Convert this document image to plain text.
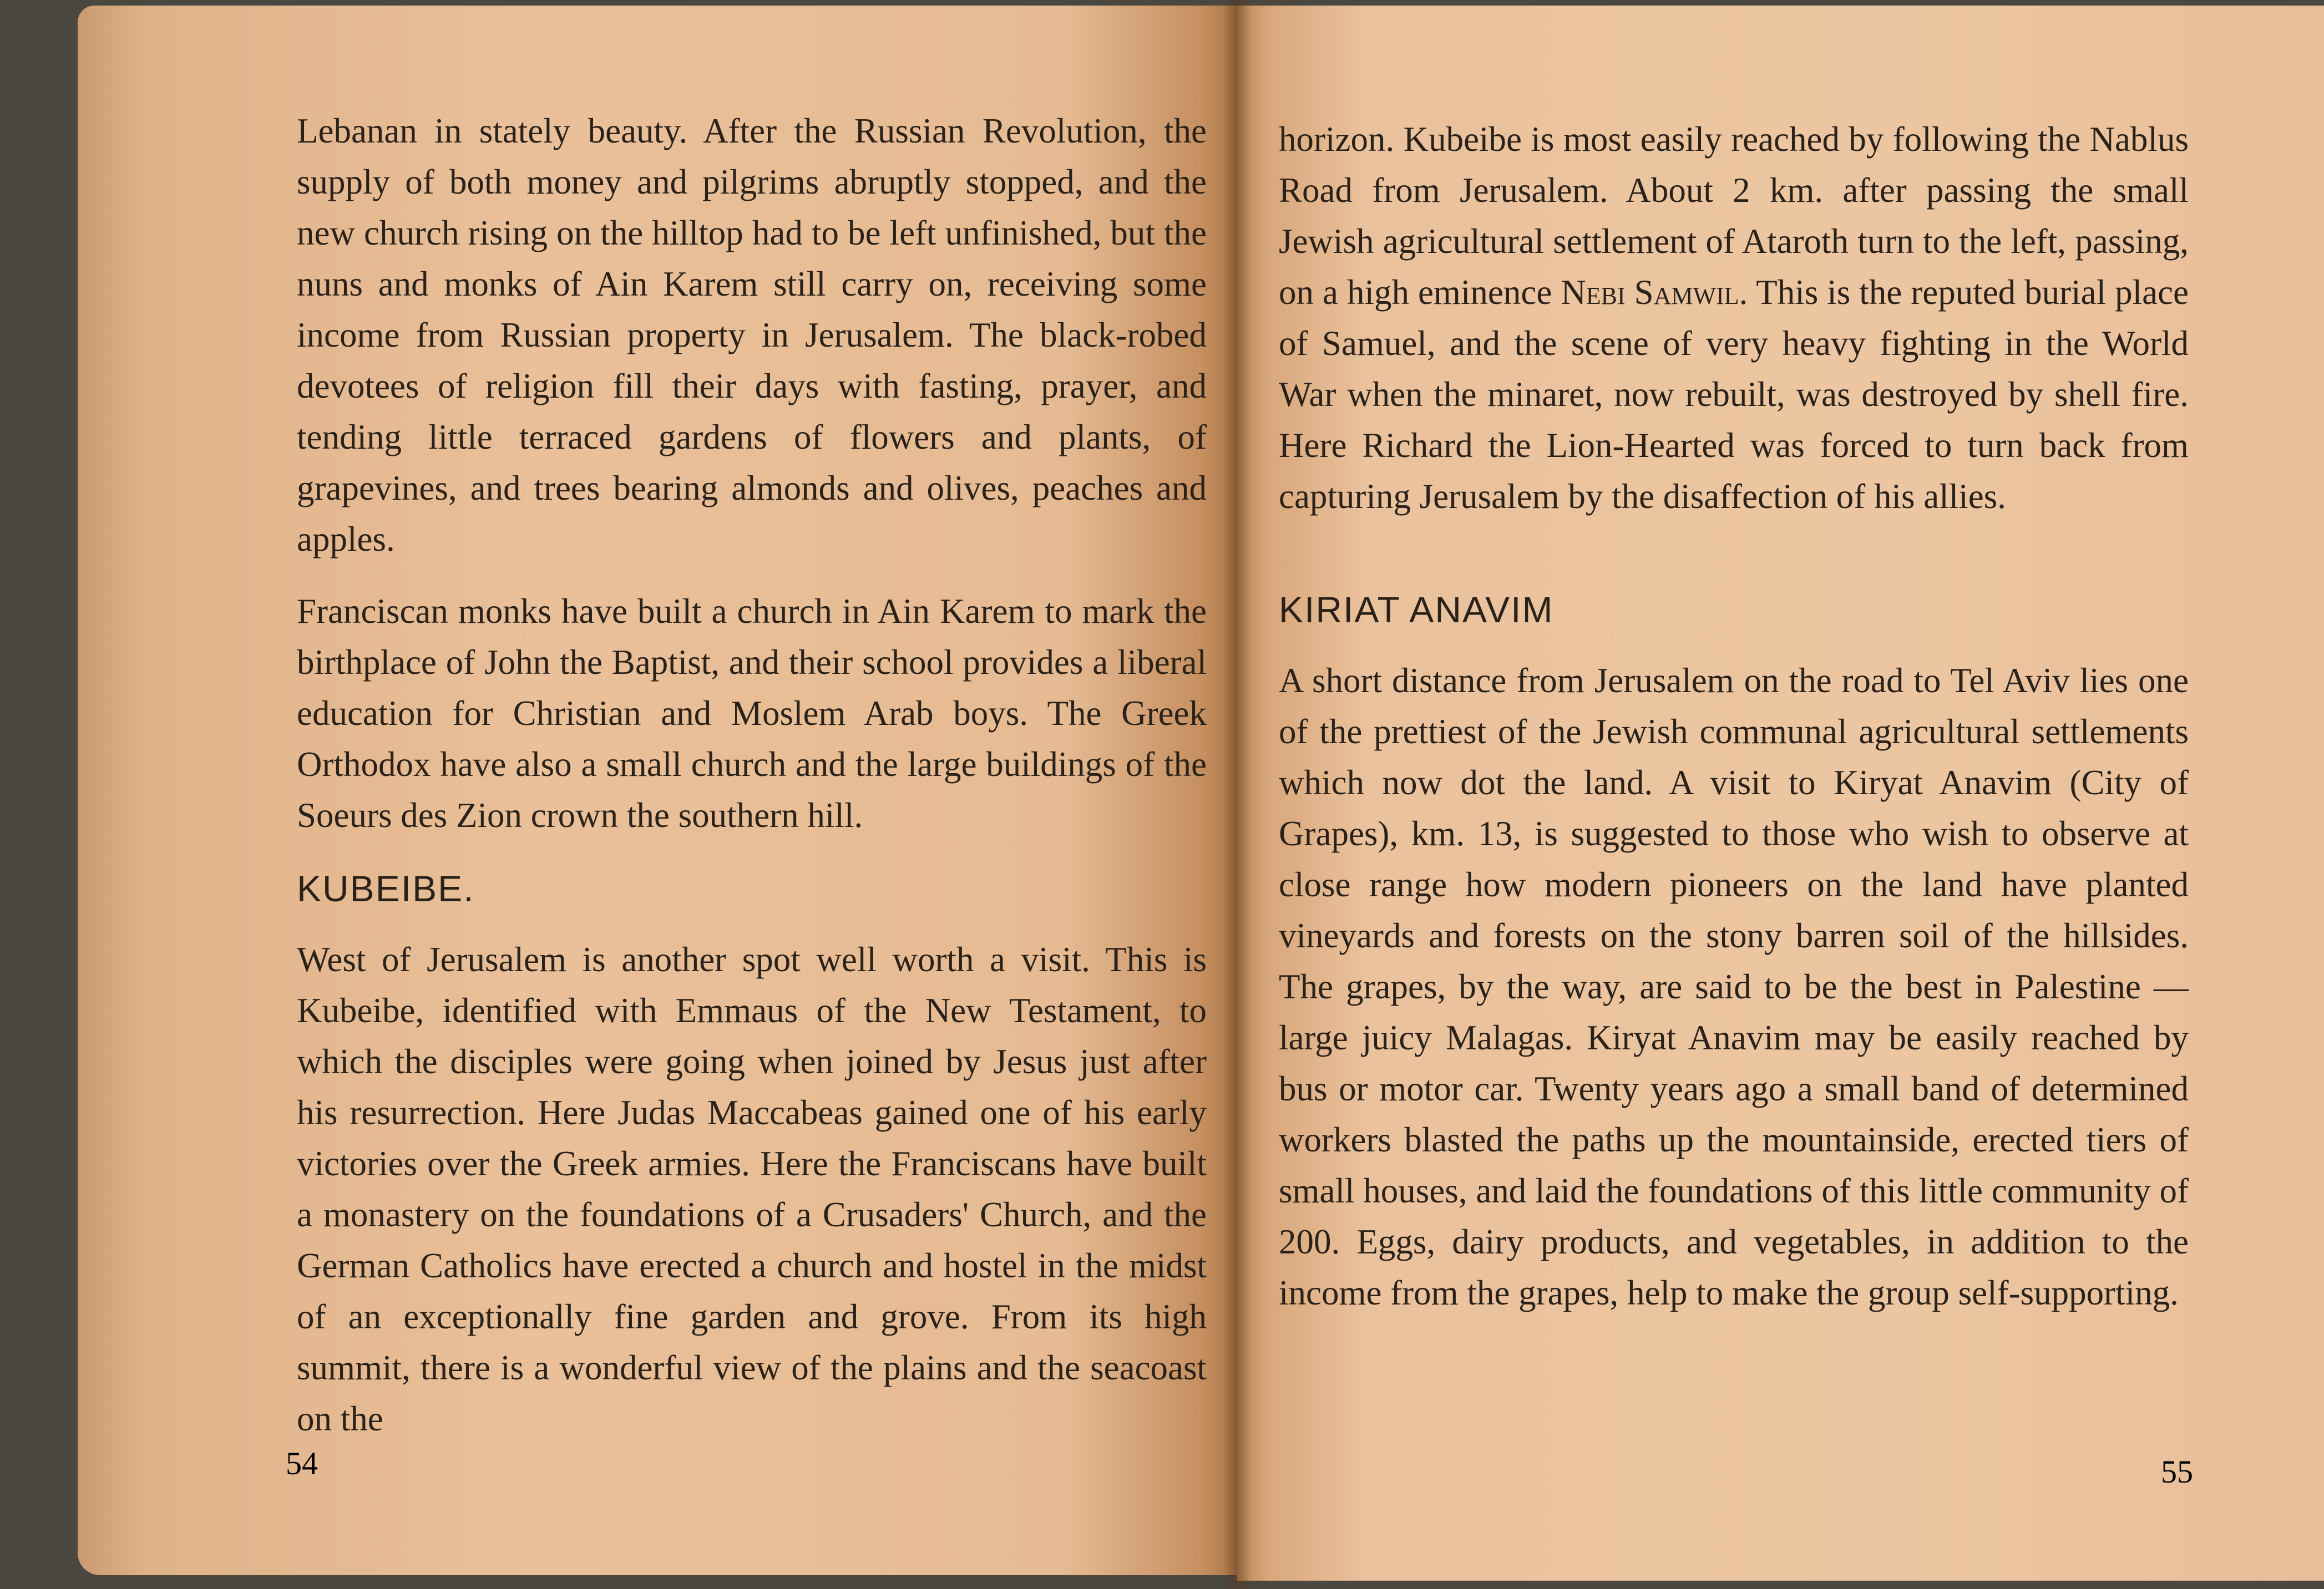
Lebanan in stately beauty. After the Russian Revolution, the supply of both money and pilgrims abruptly stopped, and the new church rising on the hilltop had to be left unfinished, but the nuns and monks of Ain Karem still carry on, receiving some income from Russian property in Jerusalem. The black-robed devotees of religion fill their days with fasting, prayer, and tending little terraced gardens of flowers and plants, of grapevines, and trees bearing almonds and olives, peaches and apples.

Franciscan monks have built a church in Ain Karem to mark the birthplace of John the Baptist, and their school provides a liberal education for Christian and Moslem Arab boys. The Greek Orthodox have also a small church and the large buildings of the Soeurs des Zion crown the southern hill.

KUBEIBE.

West of Jerusalem is another spot well worth a visit. This is Kubeibe, identified with Emmaus of the New Testament, to which the disciples were going when joined by Jesus just after his resurrection. Here Judas Maccabeas gained one of his early victories over the Greek armies. Here the Franciscans have built a monastery on the foundations of a Crusaders' Church, and the German Catholics have erected a church and hostel in the midst of an exceptionally fine garden and grove. From its high summit, there is a wonderful view of the plains and the seacoast on the

horizon. Kubeibe is most easily reached by following the Nablus Road from Jerusalem. About 2 km. after passing the small Jewish agricultural settlement of Ataroth turn to the left, passing, on a high eminence Nebi Samwil. This is the reputed burial place of Samuel, and the scene of very heavy fighting in the World War when the minaret, now rebuilt, was destroyed by shell fire. Here Richard the Lion-Hearted was forced to turn back from capturing Jerusalem by the disaffection of his allies.

KIRIAT ANAVIM

A short distance from Jerusalem on the road to Tel Aviv lies one of the prettiest of the Jewish communal agricultural settlements which now dot the land. A visit to Kiryat Anavim (City of Grapes), km. 13, is suggested to those who wish to observe at close range how modern pioneers on the land have planted vineyards and forests on the stony barren soil of the hillsides. The grapes, by the way, are said to be the best in Palestine — large juicy Malagas. Kiryat Anavim may be easily reached by bus or motor car. Twenty years ago a small band of determined workers blasted the paths up the mountainside, erected tiers of small houses, and laid the foundations of this little community of 200. Eggs, dairy products, and vegetables, in addition to the income from the grapes, help to make the group self-supporting.

54	55
